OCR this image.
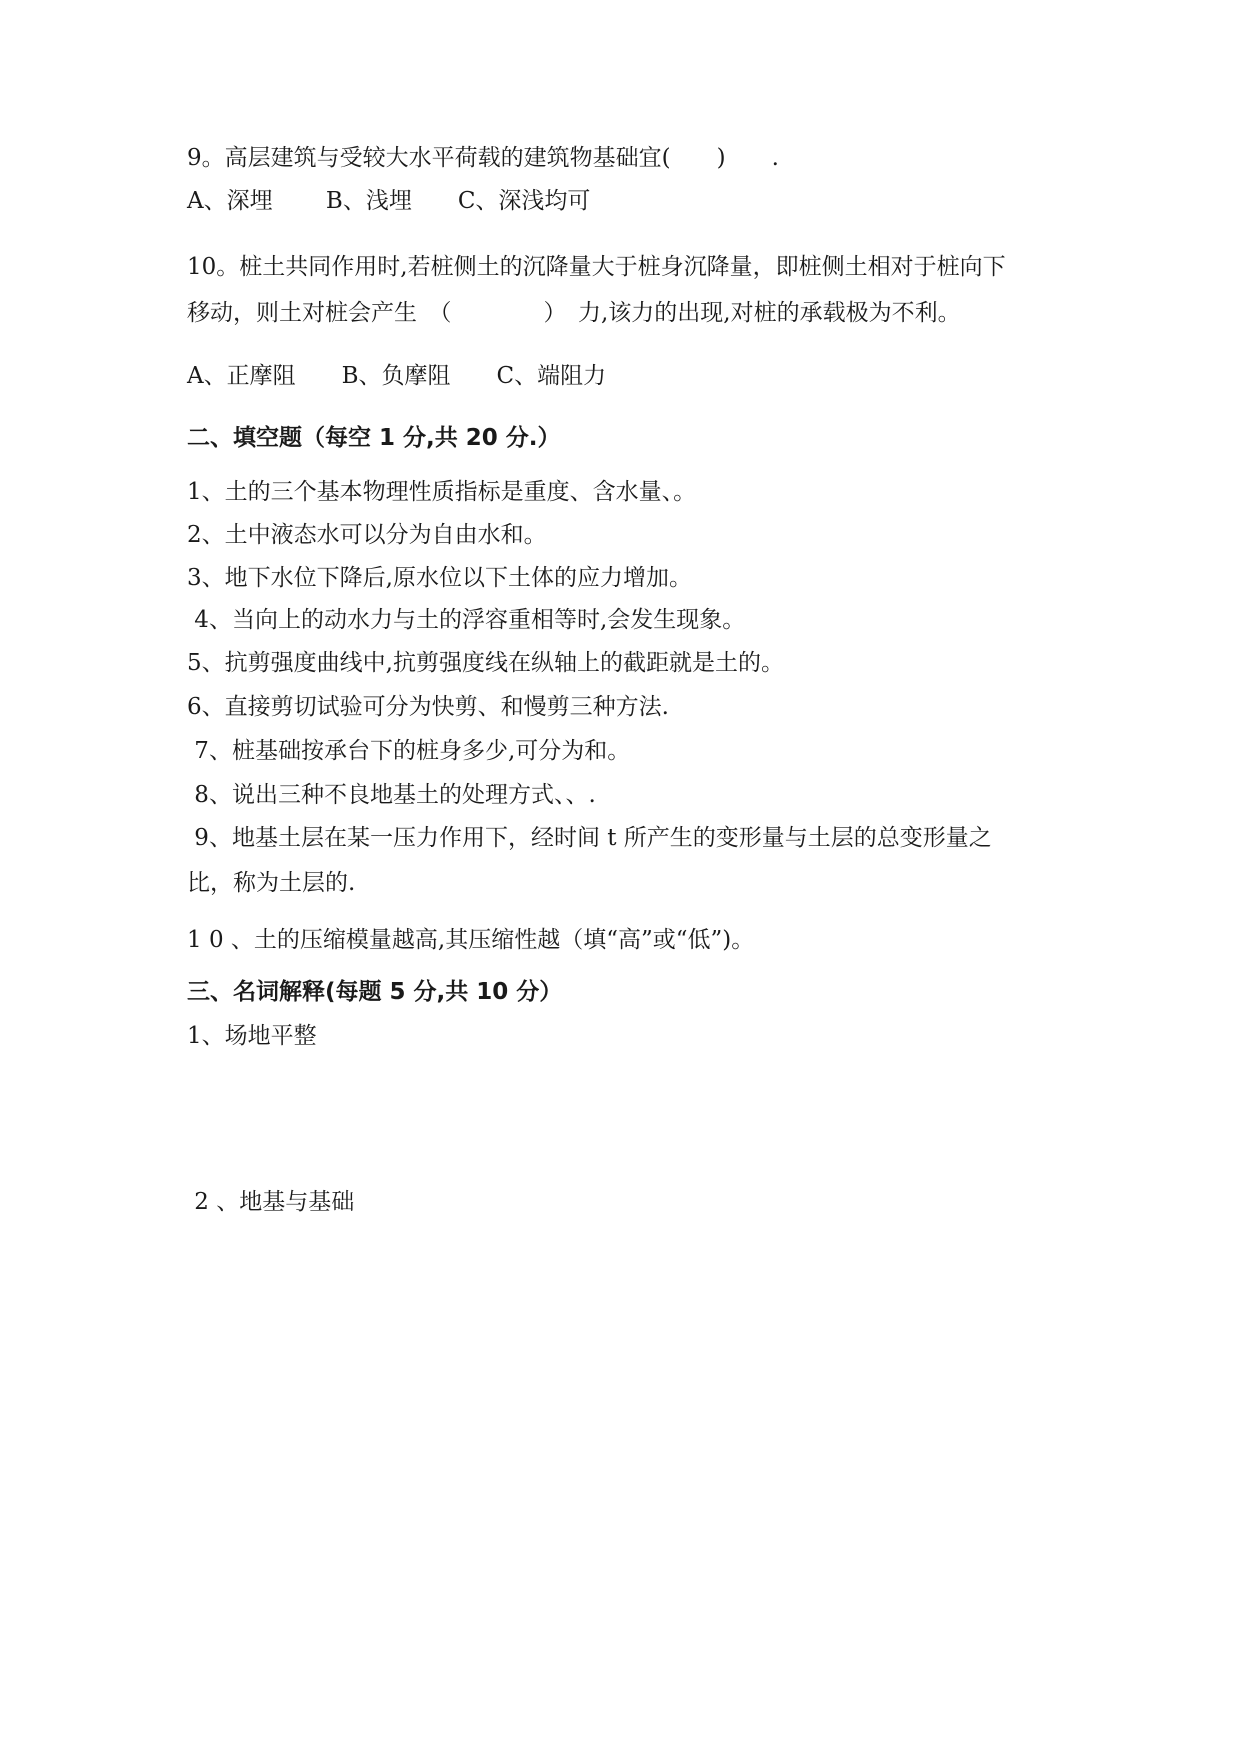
9。高层建筑与受较大水平荷载的建筑物基础宜(　　)　　.
A、深埋　　 B、浅埋　　C、深浅均可
10。桩土共同作用时,若桩侧土的沉降量大于桩身沉降量，即桩侧土相对于桩向下
移动，则土对桩会产生　（　　　　）　力,该力的出现,对桩的承载极为不利。
A、正摩阻　　B、负摩阻　　C、端阻力
二、填空题（每空 1 分,共 20 分.）
1、土的三个基本物理性质指标是重度、含水量、。
2、土中液态水可以分为自由水和。
3、地下水位下降后,原水位以下土体的应力增加。
4、当向上的动水力与土的浮容重相等时,会发生现象。
5、抗剪强度曲线中,抗剪强度线在纵轴上的截距就是土的。
6、直接剪切试验可分为快剪、和慢剪三种方法.
7、桩基础按承台下的桩身多少,可分为和。
8、说出三种不良地基土的处理方式、、.
9、地基土层在某一压力作用下，经时间 t 所产生的变形量与土层的总变形量之
比，称为土层的.
1 0 、土的压缩模量越高,其压缩性越（填“高”或“低”)。
三、名词解释(每题 5 分,共 10 分）
1、场地平整
2 、地基与基础
